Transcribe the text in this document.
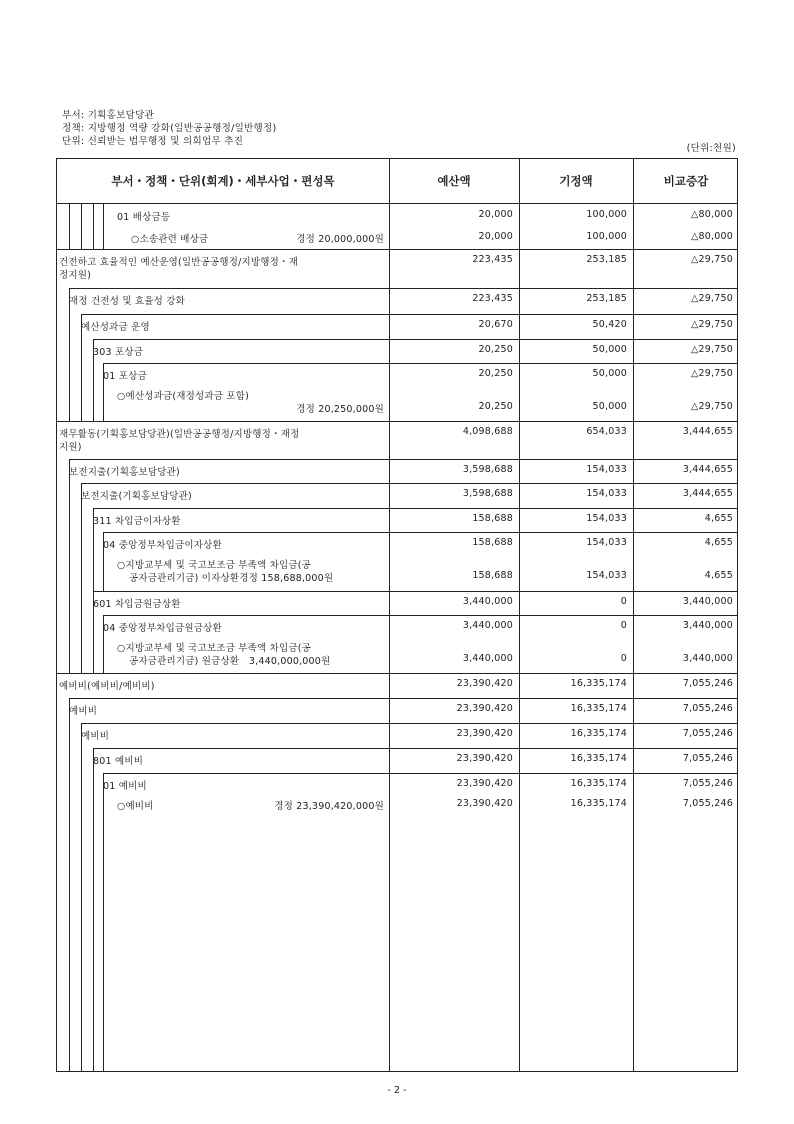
부서: 기획홍보담당관
정책: 지방행정 역량 강화(일반공공행정/일반행정)
단위: 신뢰받는 법무행정 및 의회업무 추진
(단위:천원)
부서・정책・단위(회계)・세부사업・편성목	예산액	기정액	비교증감
01 배상금등	20,000	100,000	△80,000
○소송관련 배상금	경정 20,000,000원	20,000	100,000	△80,000
건전하고 효율적인 예산운영(일반공공행정/지방행정・재
정지원)
223,435	253,185	△29,750
재정 건전성 및 효율성 강화	223,435	253,185	△29,750
예산성과금 운영	20,670	50,420	△29,750
303 포상금	20,250	50,000	△29,750
01 포상금	20,250	50,000	△29,750
○예산성과금(재정성과금 포함)
경정 20,250,000원	20,250	50,000	△29,750
재무활동(기획홍보담당관)(일반공공행정/지방행정・재정
지원)
4,098,688	654,033	3,444,655
보전지출(기획홍보담당관)	3,598,688	154,033	3,444,655
보전지출(기획홍보담당관)	3,598,688	154,033	3,444,655
311 차입금이자상환	158,688	154,033	4,655
04 중앙정부차입금이자상환	158,688	154,033	4,655
○지방교부세 및 국고보조금 부족액 차입금(공
공자금관리기금) 이자상환경정 158,688,000원	158,688	154,033	4,655
601 차입금원금상환	3,440,000	0	3,440,000
04 중앙정부차입금원금상환	3,440,000	0	3,440,000
○지방교부세 및 국고보조금 부족액 차입금(공
공자금관리기금) 원금상환   3,440,000,000원	3,440,000	0	3,440,000
예비비(예비비/예비비)	23,390,420	16,335,174	7,055,246
예비비	23,390,420	16,335,174	7,055,246
예비비	23,390,420	16,335,174	7,055,246
801 예비비	23,390,420	16,335,174	7,055,246
01 예비비	23,390,420	16,335,174	7,055,246
○예비비	경정 23,390,420,000원	23,390,420	16,335,174	7,055,246
- 2 -
